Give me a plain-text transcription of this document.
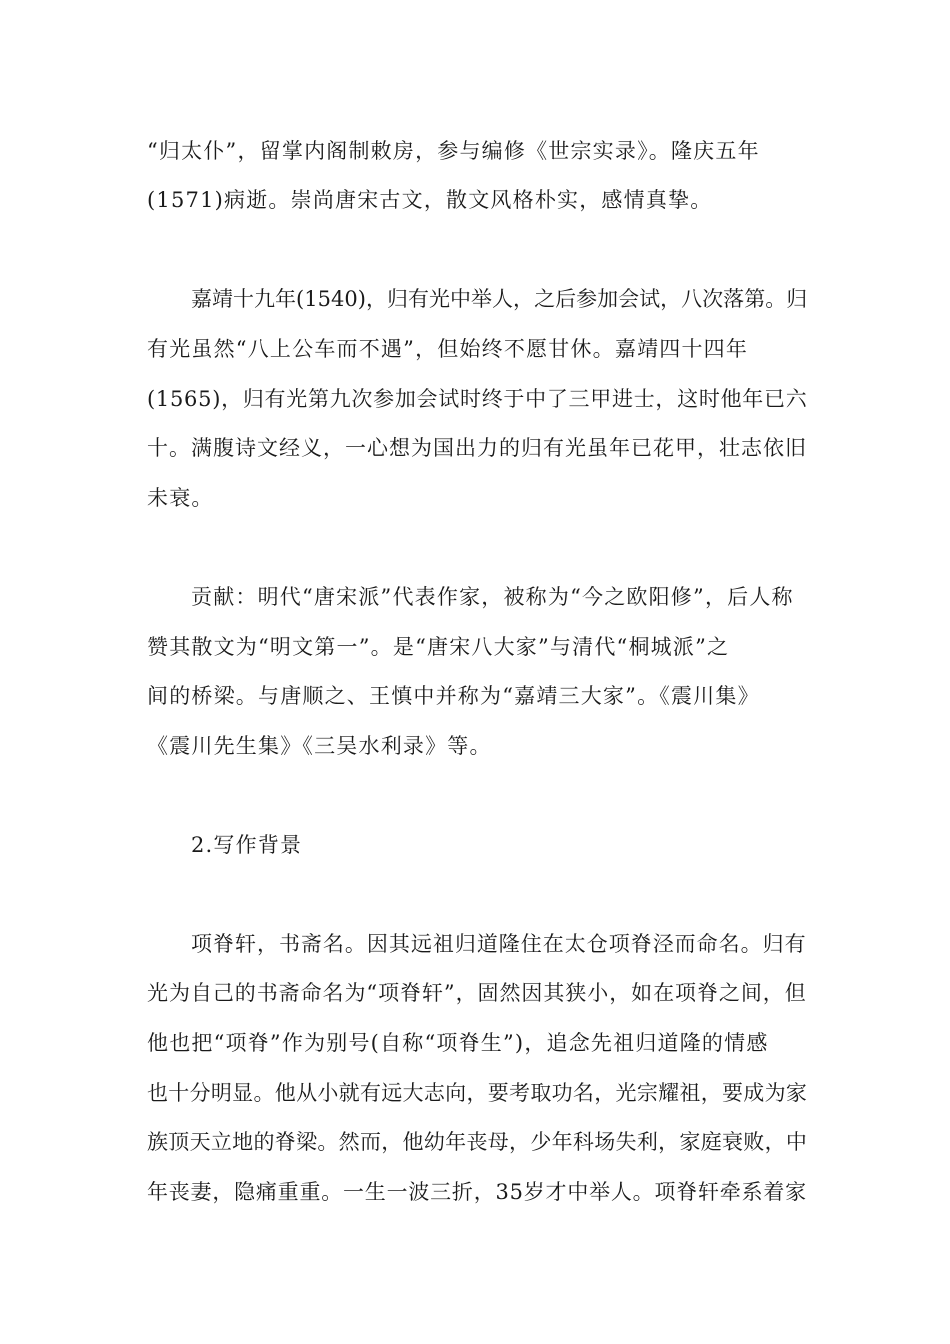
“归太仆”，留掌内阁制敕房，参与编修《世宗实录》。隆庆五年
(1571)病逝。崇尚唐宋古文，散文风格朴实，感情真挚。
嘉靖十九年(1540)，归有光中举人，之后参加会试，八次落第。归
有光虽然“八上公车而不遇”，但始终不愿甘休。嘉靖四十四年
(1565)，归有光第九次参加会试时终于中了三甲进士，这时他年已六
十。满腹诗文经义，一心想为国出力的归有光虽年已花甲，壮志依旧
未衰。
贡献：明代“唐宋派”代表作家，被称为“今之欧阳修”，后人称
赞其散文为“明文第一”。是“唐宋八大家”与清代“桐城派”之
间的桥梁。与唐顺之、王慎中并称为“嘉靖三大家”。《震川集》
《震川先生集》《三吴水利录》等。
2.写作背景
项脊轩，书斋名。因其远祖归道隆住在太仓项脊泾而命名。归有
光为自己的书斋命名为“项脊轩”，固然因其狭小，如在项脊之间，但
他也把“项脊”作为别号(自称“项脊生”)，追念先祖归道隆的情感
也十分明显。他从小就有远大志向，要考取功名，光宗耀祖，要成为家
族顶天立地的脊梁。然而，他幼年丧母，少年科场失利，家庭衰败，中
年丧妻，隐痛重重。一生一波三折，35岁才中举人。项脊轩牵系着家
